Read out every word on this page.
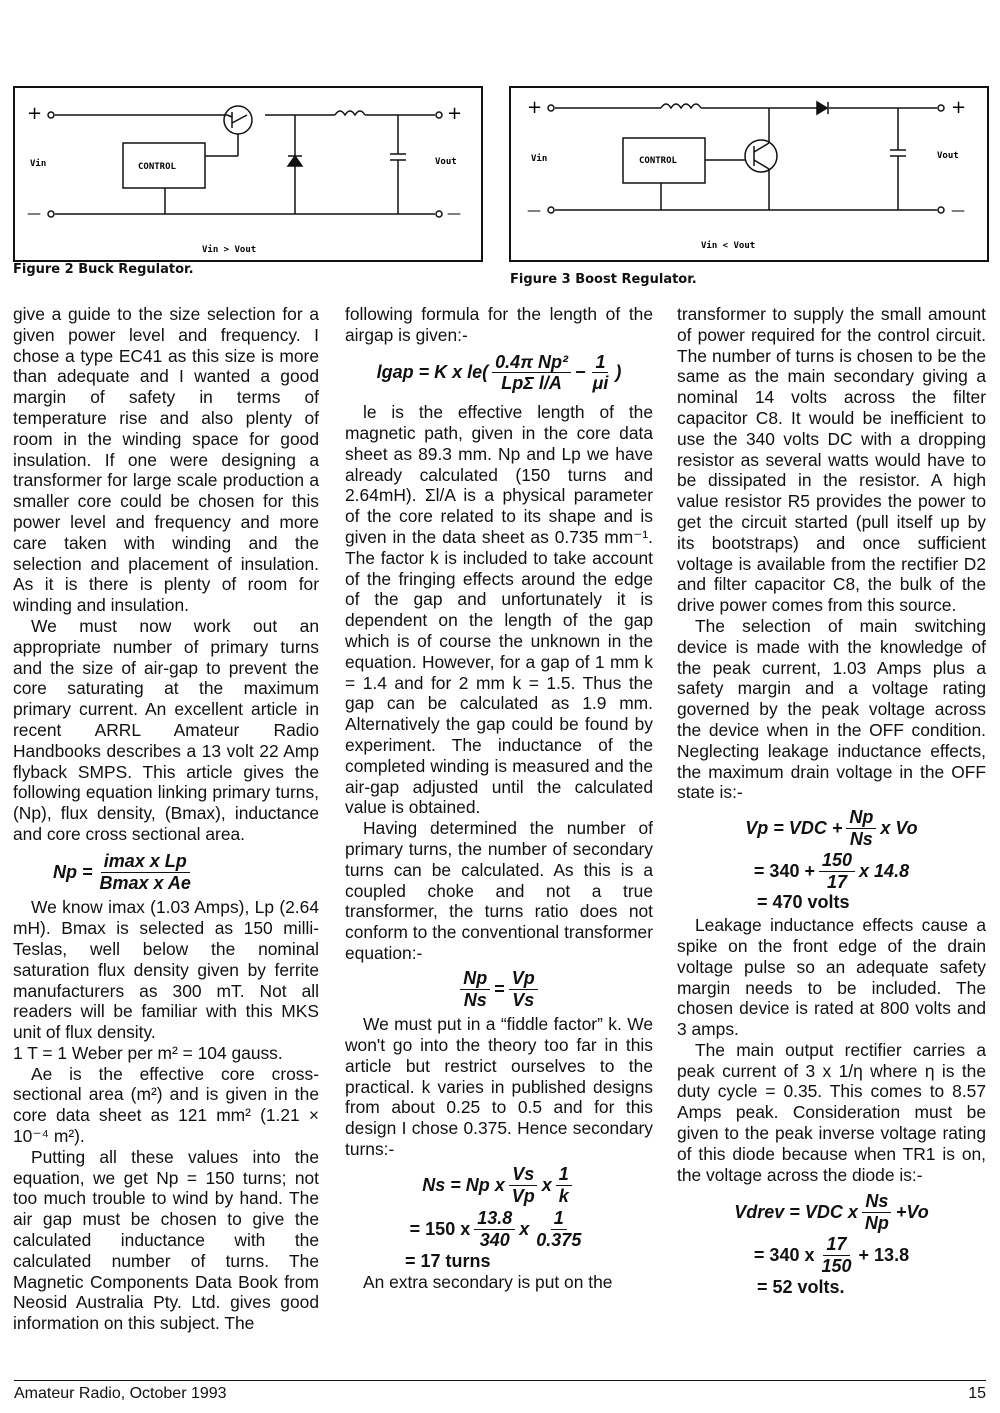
+	+
—	—
CONTROL
Vin	Vout
Vin > Vout
Figure 2 Buck Regulator.
+	+
—	—
CONTROL
Vin	Vout
Vin < Vout
Figure 3 Boost Regulator.

give a guide to the size selection for a given power level and frequency. I chose a type EC41 as this size is more than adequate and I wanted a good margin of safety in terms of temperature rise and also plenty of room in the winding space for good insulation. If one were designing a transformer for large scale production a smaller core could be chosen for this power level and frequency and more care taken with winding and the selection and placement of insulation. As it is there is plenty of room for winding and insulation.

We must now work out an appropriate number of primary turns and the size of air-gap to prevent the core saturating at the maximum primary current. An excellent article in recent ARRL Amateur Radio Handbooks describes a 13 volt 22 Amp flyback SMPS. This article gives the following equation linking primary turns, (Np), flux density, (Bmax), inductance and core cross sectional area.

$Np = \frac{\text{imax x Lp}}{\text{Bmax x Ae}}$

We know imax (1.03 Amps), Lp (2.64 mH). Bmax is selected as 150 milli-Teslas, well below the nominal saturation flux density given by ferrite manufacturers as 300 mT. Not all readers will be familiar with this MKS unit of flux density.

1 T = 1 Weber per m² = 104 gauss.

Ae is the effective core cross-sectional area (m²) and is given in the core data sheet as 121 mm² (1.21 × 10⁻⁴ m²).

Putting all these values into the equation, we get Np = 150 turns; not too much trouble to wind by hand. The air gap must be chosen to give the calculated inductance with the calculated number of turns. The Magnetic Components Data Book from Neosid Australia Pty. Ltd. gives good information on this subject. The

following formula for the length of the airgap is given:-

lgap = K x $le( \frac{\text{0.4π Np²}}{\text{LpΣ l/A}} - \frac{1}{\mu i}$ )

le is the effective length of the magnetic path, given in the core data sheet as 89.3 mm. Np and Lp we have already calculated (150 turns and 2.64mH). Σl/A is a physical parameter of the core related to its shape and is given in the data sheet as 0.735 mm⁻¹. The factor k is included to take account of the fringing effects around the edge of the gap and unfortunately it is dependent on the length of the gap which is of course the unknown in the equation. However, for a gap of 1 mm k = 1.4 and for 2 mm k = 1.5. Thus the gap can be calculated as 1.9 mm. Alternatively the gap could be found by experiment. The inductance of the completed winding is measured and the air-gap adjusted until the calculated value is obtained.

Having determined the number of primary turns, the number of secondary turns can be calculated. As this is a coupled choke and not a true transformer, the turns ratio does not conform to the conventional transformer equation:-

$\frac{Np}{Ns} = \frac{Vp}{Vs}$

We must put in a “fiddle factor” k. We won't go into the theory too far in this article but restrict ourselves to the practical. k varies in published designs from about 0.25 to 0.5 and for this design I chose 0.375. Hence secondary turns:-

Ns = Np x $\frac{Vs}{Vp}$ x $\frac{1}{k}$
= 150 x $\frac{13.8}{340}$ x $\frac{1}{0.375}$
= 17 turns

An extra secondary is put on the

transformer to supply the small amount of power required for the control circuit. The number of turns is chosen to be the same as the main secondary giving a nominal 14 volts across the filter capacitor C8. It would be inefficient to use the 340 volts DC with a dropping resistor as several watts would have to be dissipated in the resistor. A high value resistor R5 provides the power to get the circuit started (pull itself up by its bootstraps) and once sufficient voltage is available from the rectifier D2 and filter capacitor C8, the bulk of the drive power comes from this source.

The selection of main switching device is made with the knowledge of the peak current, 1.03 Amps plus a safety margin and a voltage rating governed by the peak voltage across the device when in the OFF condition. Neglecting leakage inductance effects, the maximum drain voltage in the OFF state is:-

Vp = VDC + $\frac{Np}{Ns}$ x Vo
= $340 + \frac{150}{17}$ x 14.8
= 470 volts

Leakage inductance effects cause a spike on the front edge of the drain voltage pulse so an adequate safety margin needs to be included. The chosen device is rated at 800 volts and 3 amps.

The main output rectifier carries a peak current of 3 x 1/η where η is the duty cycle = 0.35. This comes to 8.57 Amps peak. Consideration must be given to the peak inverse voltage rating of this diode because when TR1 is on, the voltage across the diode is:-

Vdrev = VDC x $\frac{Ns}{Np} +Vo$
= 340 x $\frac{17}{150} + 13.8$
= 52 volts.
Amateur Radio, October 1993	15
